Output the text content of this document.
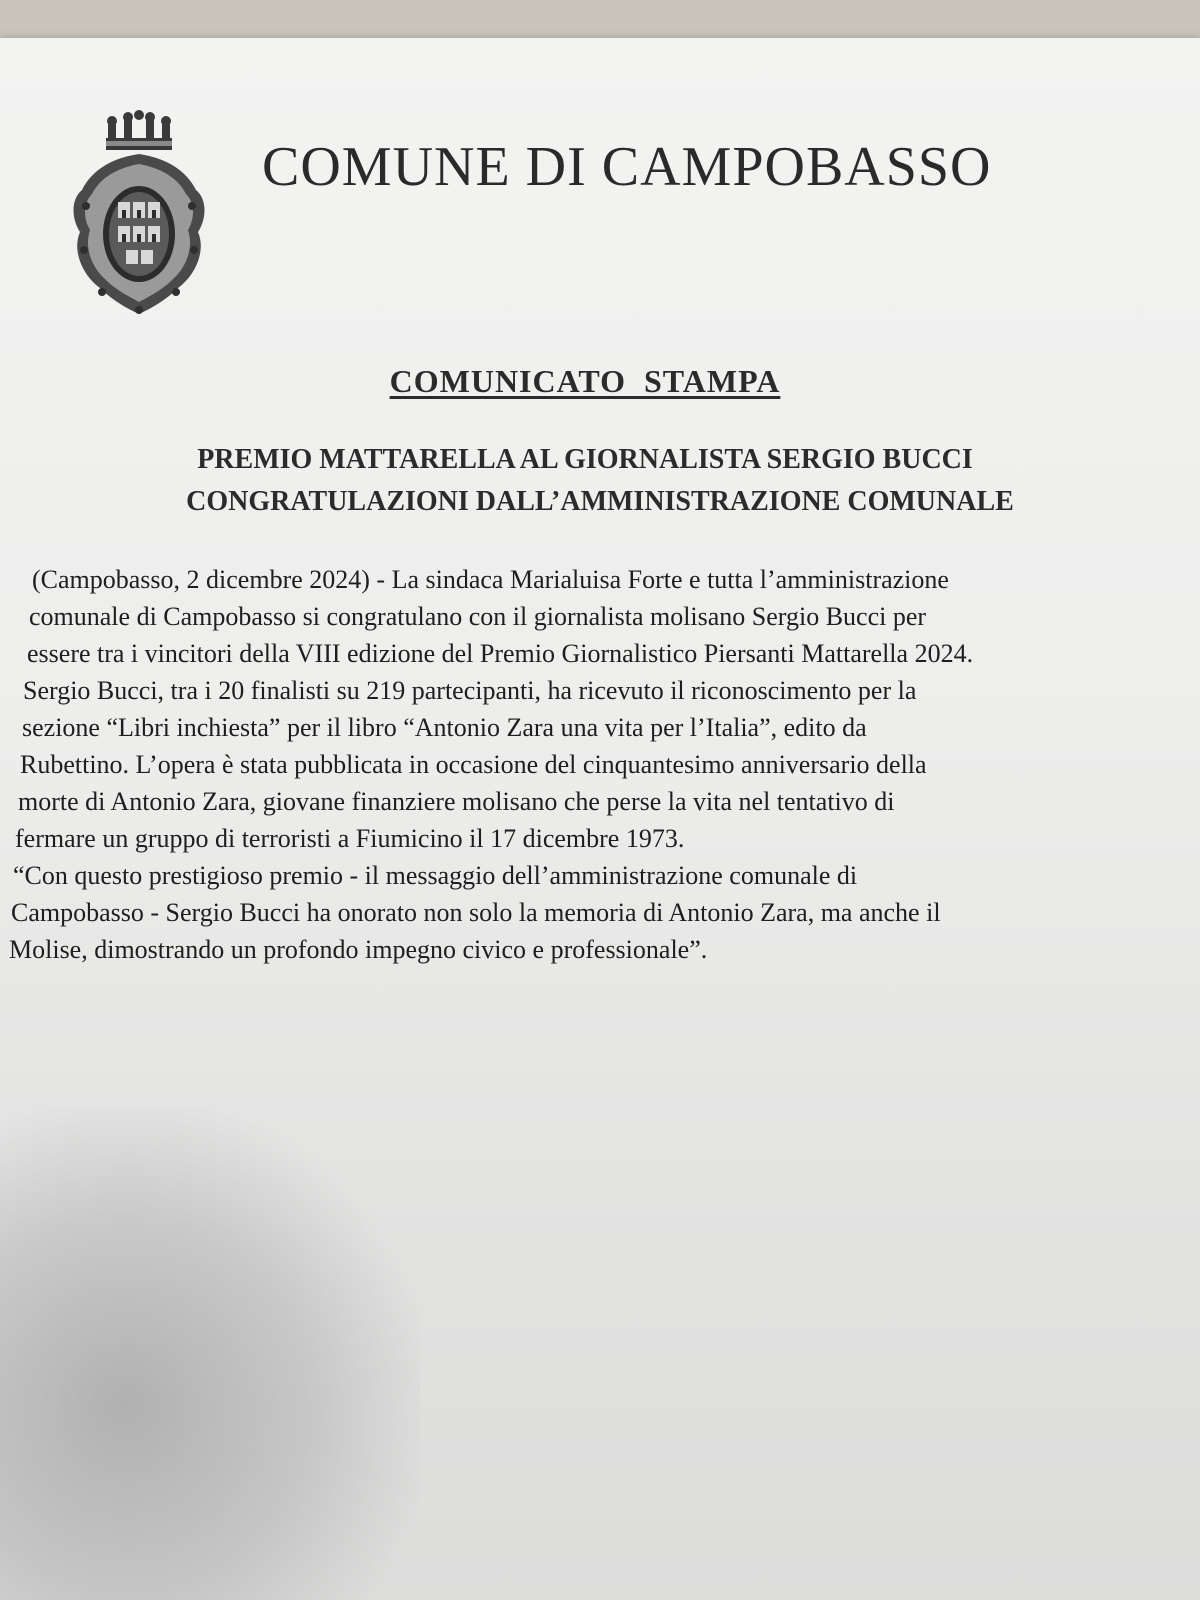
COMUNE DI CAMPOBASSO
COMUNICATO  STAMPA
PREMIO MATTARELLA AL GIORNALISTA SERGIO BUCCI
CONGRATULAZIONI DALL’AMMINISTRAZIONE COMUNALE
(Campobasso, 2 dicembre 2024) - La sindaca Marialuisa Forte e tutta l’amministrazione
comunale di Campobasso si congratulano con il giornalista molisano Sergio Bucci per
essere tra i vincitori della VIII edizione del Premio Giornalistico Piersanti Mattarella 2024.
Sergio Bucci, tra i 20 finalisti su 219 partecipanti, ha ricevuto il riconoscimento per la
sezione “Libri inchiesta” per il libro “Antonio Zara una vita per l’Italia”, edito da
Rubettino. L’opera è stata pubblicata in occasione del cinquantesimo anniversario della
morte di Antonio Zara, giovane finanziere molisano che perse la vita nel tentativo di
fermare un gruppo di terroristi a Fiumicino il 17 dicembre 1973.
“Con questo prestigioso premio - il messaggio dell’amministrazione comunale di
Campobasso - Sergio Bucci ha onorato non solo la memoria di Antonio Zara, ma anche il
Molise, dimostrando un profondo impegno civico e professionale”.
